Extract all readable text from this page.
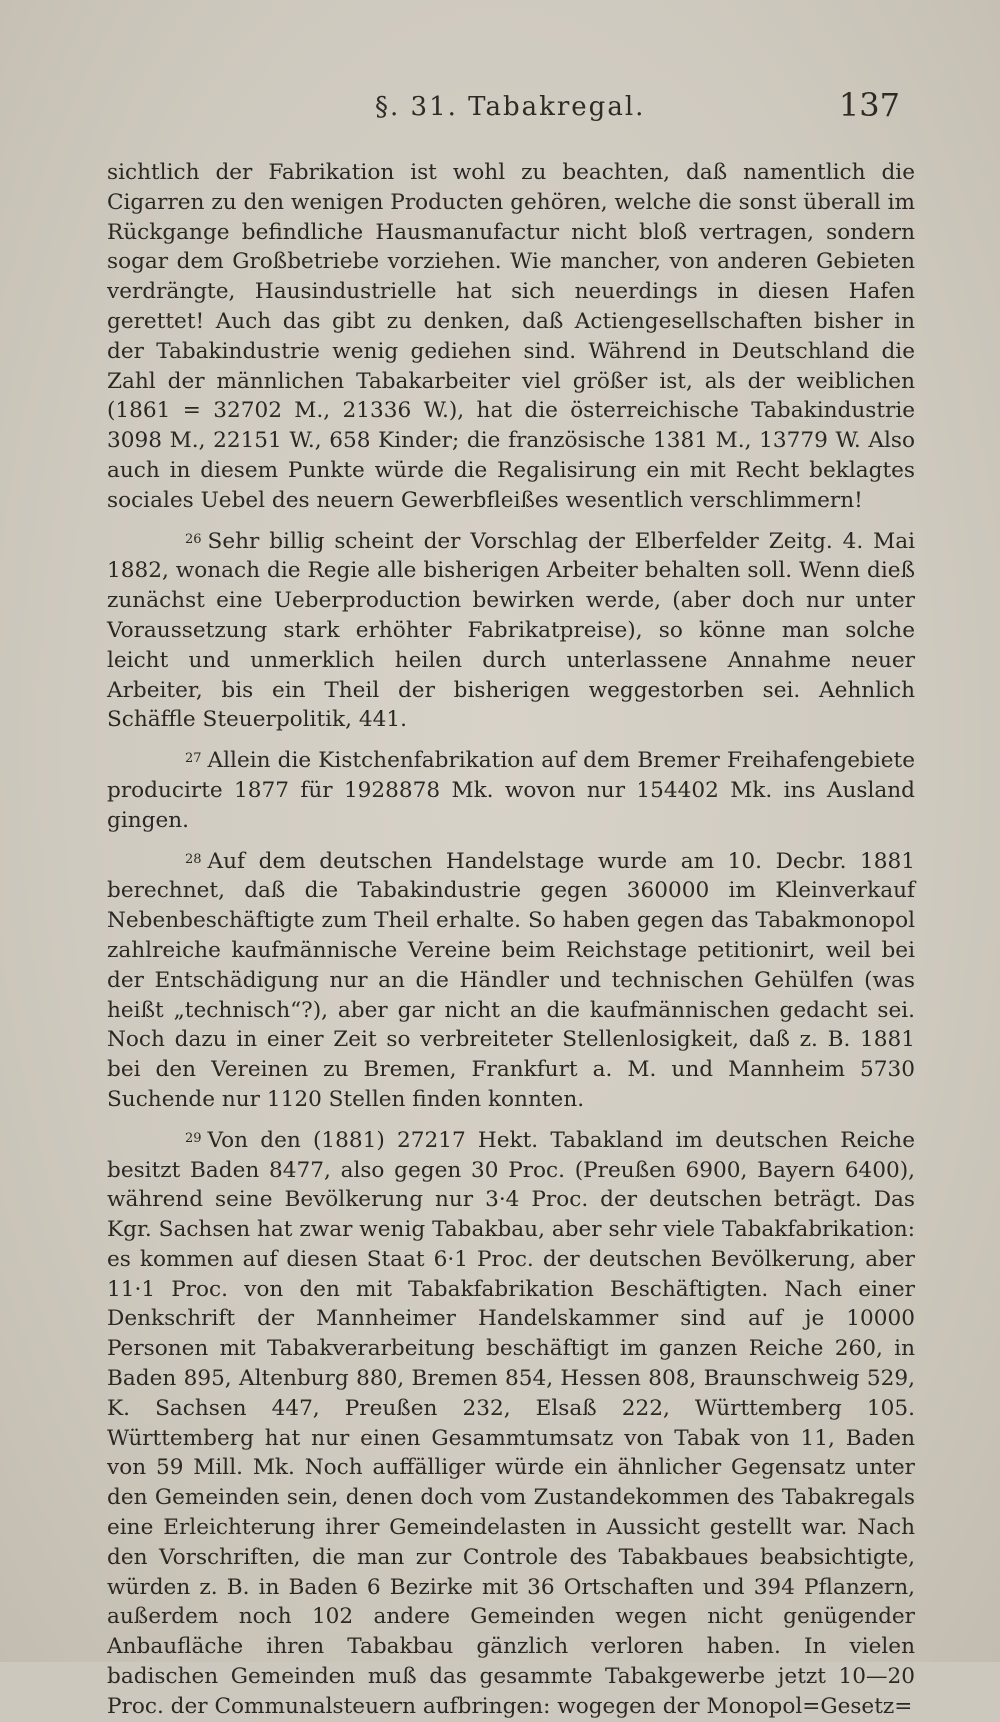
§. 31. Tabakregal.	137

sichtlich der Fabrikation ist wohl zu beachten, daß namentlich die Cigarren zu den wenigen Producten gehören, welche die sonst überall im Rückgange befindliche Hausmanufactur nicht bloß vertragen, sondern sogar dem Großbetriebe vorziehen. Wie mancher, von anderen Gebieten verdrängte, Hausindustrielle hat sich neuerdings in diesen Hafen gerettet! Auch das gibt zu denken, daß Actiengesellschaften bisher in der Tabakindustrie wenig gediehen sind. Während in Deutschland die Zahl der männlichen Tabakarbeiter viel größer ist, als der weiblichen (1861 = 32702 M., 21336 W.), hat die österreichische Tabakindustrie 3098 M., 22151 W., 658 Kinder; die französische 1381 M., 13779 W. Also auch in diesem Punkte würde die Regalisirung ein mit Recht beklagtes sociales Uebel des neuern Gewerbfleißes wesentlich verschlimmern!

$^{26}$ Sehr billig scheint der Vorschlag der Elberfelder Zeitg. 4. Mai 1882, wonach die Regie alle bisherigen Arbeiter behalten soll. Wenn dieß zunächst eine Ueberproduction bewirken werde, (aber doch nur unter Voraussetzung stark erhöhter Fabrikatpreise), so könne man solche leicht und unmerklich heilen durch unterlassene Annahme neuer Arbeiter, bis ein Theil der bisherigen weggestorben sei. Aehnlich Schäffle Steuerpolitik, 441.

$^{27}$ Allein die Kistchenfabrikation auf dem Bremer Freihafengebiete producirte 1877 für 1928878 Mk. wovon nur 154402 Mk. ins Ausland gingen.

$^{28}$ Auf dem deutschen Handelstage wurde am 10. Decbr. 1881 berechnet, daß die Tabakindustrie gegen 360000 im Kleinverkauf Nebenbeschäftigte zum Theil erhalte. So haben gegen das Tabakmonopol zahlreiche kaufmännische Vereine beim Reichstage petitionirt, weil bei der Entschädigung nur an die Händler und technischen Gehülfen (was heißt „technisch“?), aber gar nicht an die kaufmännischen gedacht sei. Noch dazu in einer Zeit so verbreiteter Stellenlosigkeit, daß z. B. 1881 bei den Vereinen zu Bremen, Frankfurt a. M. und Mannheim 5730 Suchende nur 1120 Stellen finden konnten.

$^{29}$ Von den (1881) 27217 Hekt. Tabakland im deutschen Reiche besitzt Baden 8477, also gegen 30 Proc. (Preußen 6900, Bayern 6400), während seine Bevölkerung nur 3·4 Proc. der deutschen beträgt. Das Kgr. Sachsen hat zwar wenig Tabakbau, aber sehr viele Tabakfabrikation: es kommen auf diesen Staat 6·1 Proc. der deutschen Bevölkerung, aber 11·1 Proc. von den mit Tabakfabrikation Beschäftigten. Nach einer Denkschrift der Mannheimer Handelskammer sind auf je 10000 Personen mit Tabakverarbeitung beschäftigt im ganzen Reiche 260, in Baden 895, Altenburg 880, Bremen 854, Hessen 808, Braunschweig 529, K. Sachsen 447, Preußen 232, Elsaß 222, Württemberg 105. Württemberg hat nur einen Gesammtumsatz von Tabak von 11, Baden von 59 Mill. Mk. Noch auffälliger würde ein ähnlicher Gegensatz unter den Gemeinden sein, denen doch vom Zustandekommen des Tabakregals eine Erleichterung ihrer Gemeindelasten in Aussicht gestellt war. Nach den Vorschriften, die man zur Controle des Tabakbaues beabsichtigte, würden z. B. in Baden 6 Bezirke mit 36 Ortschaften und 394 Pflanzern, außerdem noch 102 andere Gemeinden wegen nicht genügender Anbaufläche ihren Tabakbau gänzlich verloren haben. In vielen badischen Gemeinden muß das gesammte Tabakgewerbe jetzt 10—20 Proc. der Communalsteuern aufbringen: wogegen der Monopol=Gesetz=
